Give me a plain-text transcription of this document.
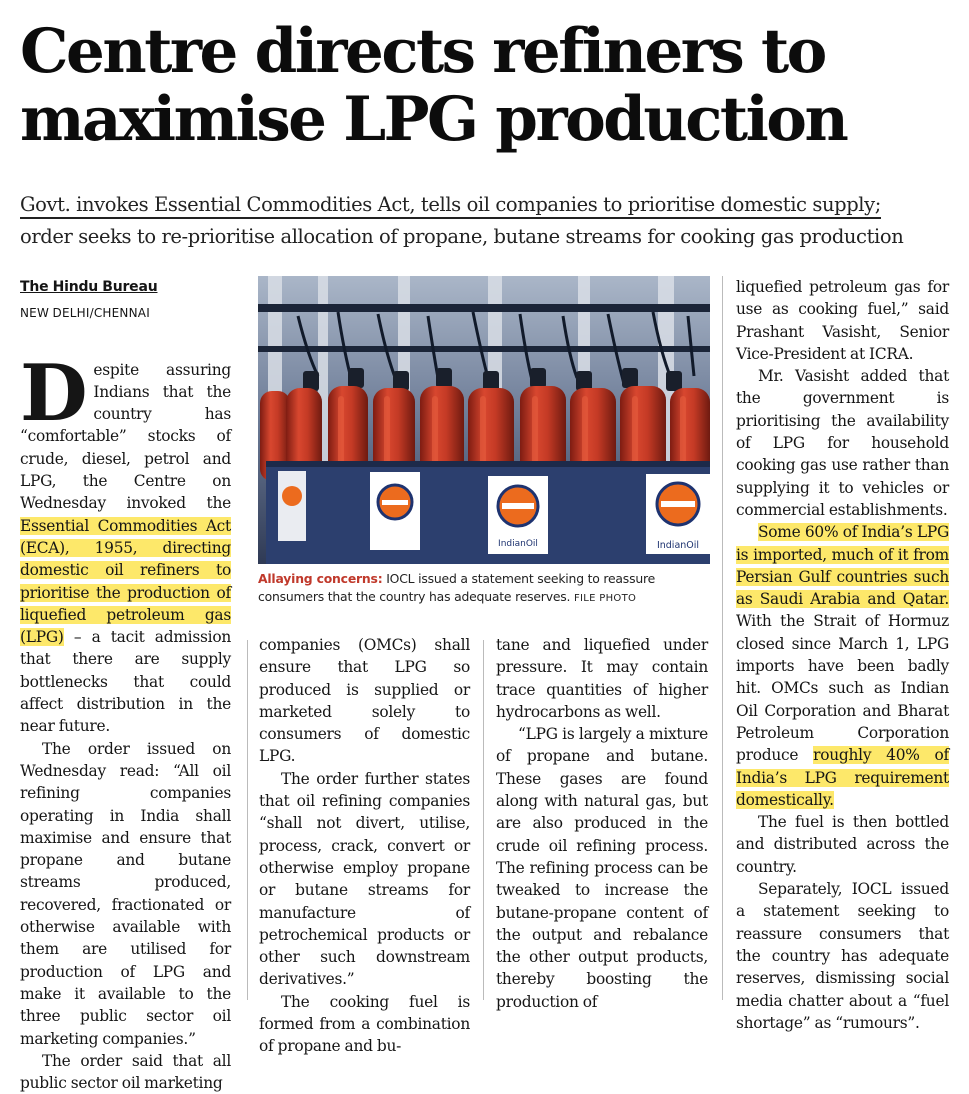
Centre directs refiners to
maximise LPG production
Govt. invokes Essential Commodities Act, tells oil companies to prioritise domestic supply;
order seeks to re-prioritise allocation of propane, butane streams for cooking gas production
The Hindu Bureau
NEW DELHI/CHENNAI

Despite assuring Indians that the country has “comfortable” stocks of crude, diesel, petrol and LPG, the Centre on Wednesday invoked the Essential Commodities Act (ECA), 1955, directing domestic oil refiners to prioritise the production of liquefied petroleum gas (LPG) – a tacit admission that there are supply bottlenecks that could affect distribution in the near future.

The order issued on Wednesday read: “All oil refining companies operating in India shall maximise and ensure that propane and butane streams produced, recovered, fractionated or otherwise available with them are utilised for production of LPG and make it available to the three public sector oil marketing companies.”

The order said that all public sector oil marketing

IndianOil	IndianOil
Allaying concerns: IOCL issued a statement seeking to reassure consumers that the country has adequate reserves. FILE PHOTO

companies (OMCs) shall ensure that LPG so produced is supplied or marketed solely to consumers of domestic LPG.

The order further states that oil refining companies “shall not divert, utilise, process, crack, convert or otherwise employ propane or butane streams for manufacture of petrochemical products or other such downstream derivatives.”

The cooking fuel is formed from a combination of propane and bu-

tane and liquefied under pressure. It may contain trace quantities of higher hydrocarbons as well.

“LPG is largely a mixture of propane and butane. These gases are found along with natural gas, but are also produced in the crude oil refining process. The refining process can be tweaked to increase the butane-propane content of the output and rebalance the other output products, thereby boosting the production of

liquefied petroleum gas for use as cooking fuel,” said Prashant Vasisht, Senior Vice-President at ICRA.

Mr. Vasisht added that the government is prioritising the availability of LPG for household cooking gas use rather than supplying it to vehicles or commercial establishments.

Some 60% of India’s LPG is imported, much of it from Persian Gulf countries such as Saudi Arabia and Qatar. With the Strait of Hormuz closed since March 1, LPG imports have been badly hit. OMCs such as Indian Oil Corporation and Bharat Petroleum Corporation produce roughly 40% of India’s LPG requirement domestically.

The fuel is then bottled and distributed across the country.

Separately, IOCL issued a statement seeking to reassure consumers that the country has adequate reserves, dismissing social media chatter about a “fuel shortage” as “rumours”.
